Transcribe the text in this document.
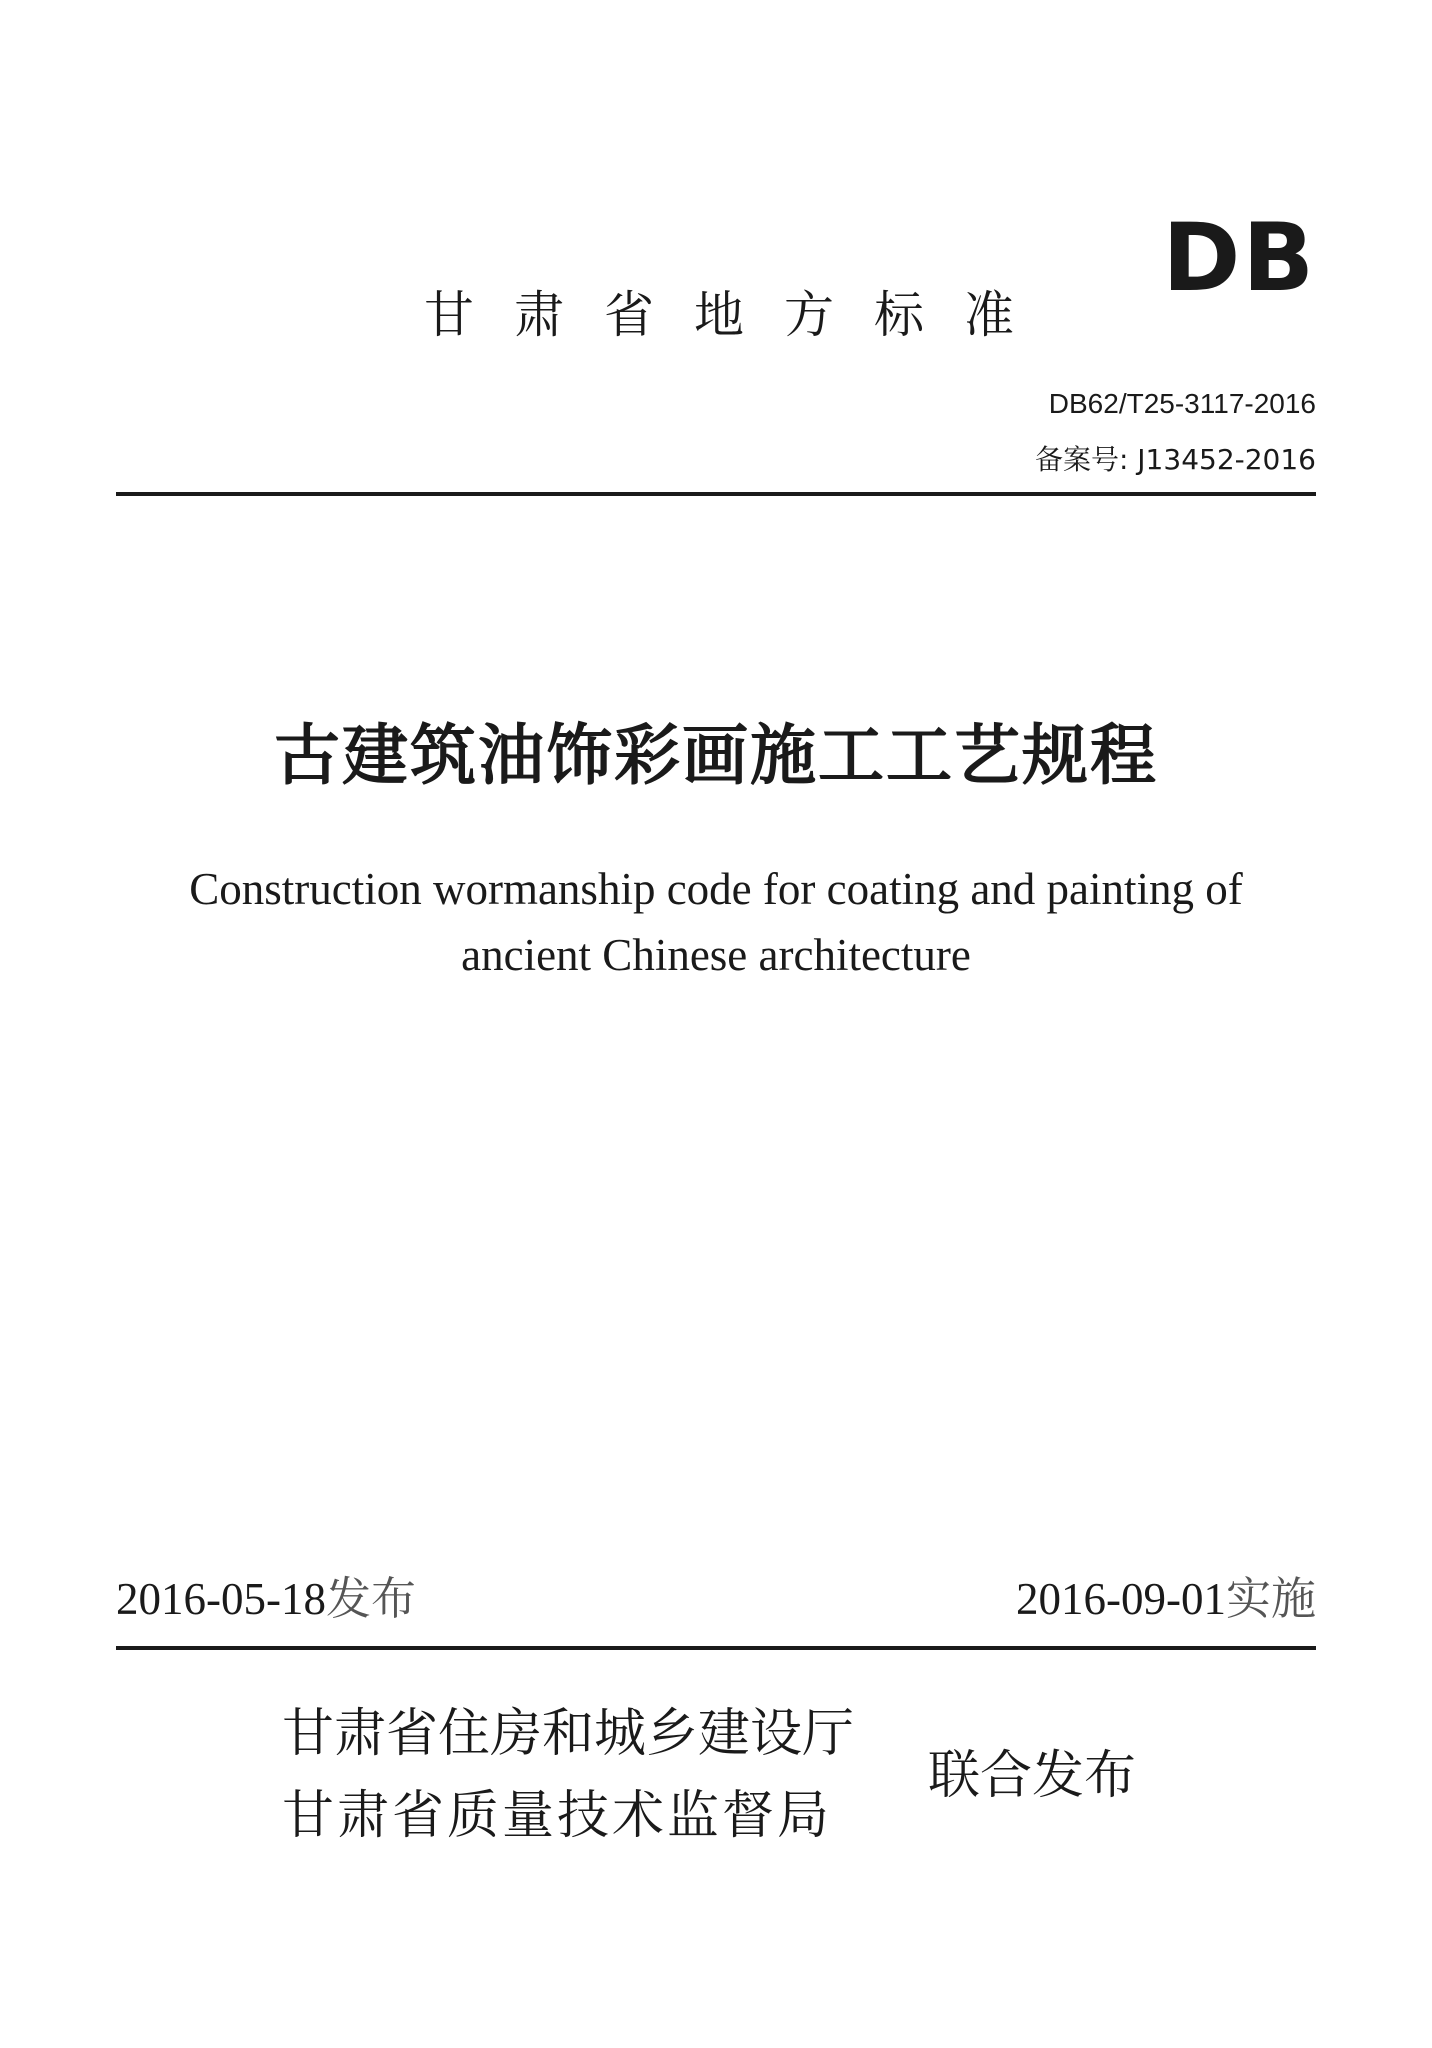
DB
甘肃省地方标准
DB62/T25-3117-2016
备案号: J13452-2016
古建筑油饰彩画施工工艺规程
Construction wormanship code for coating and painting of
ancient Chinese architecture
2016-05-18发布	2016-09-01实施
甘肃省住房和城乡建设厅
甘肃省质量技术监督局
联合发布
